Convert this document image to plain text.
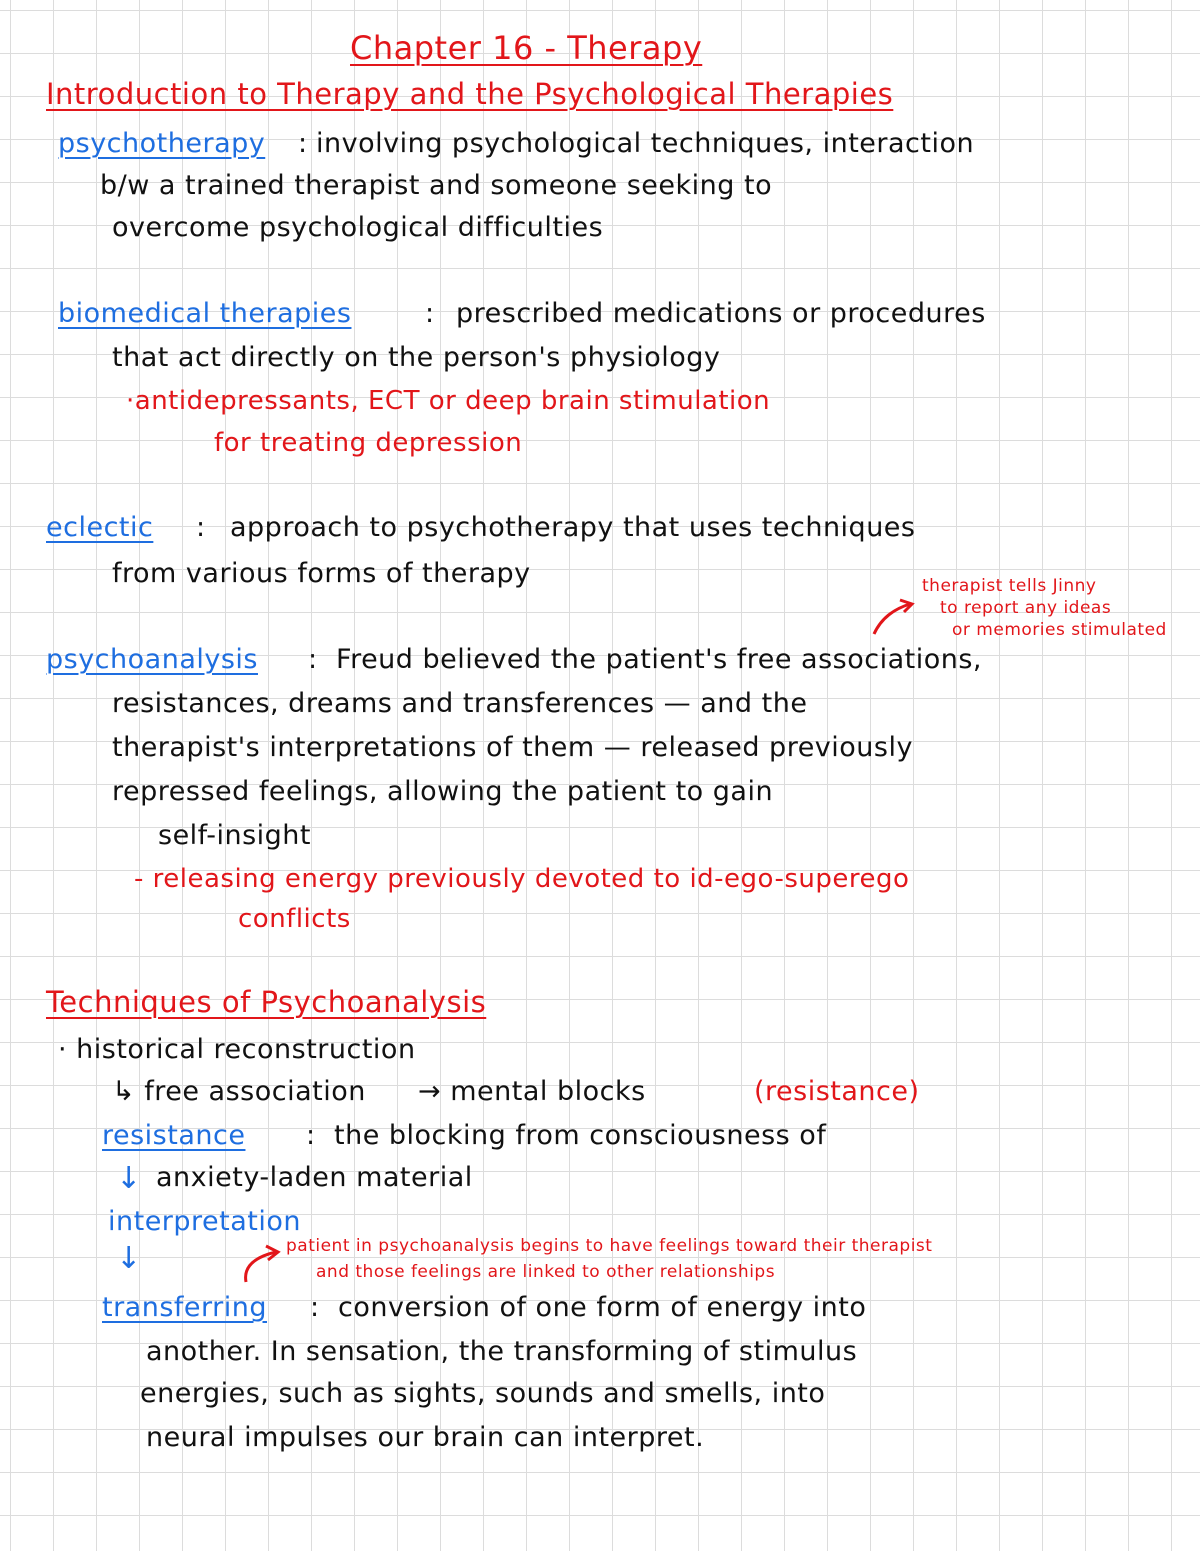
Chapter 16 - Therapy
Introduction to Therapy and the Psychological Therapies
psychotherapy : involving psychological techniques, interaction
b/w a trained therapist and someone seeking to
overcome psychological difficulties
biomedical therapies	: prescribed medications or procedures
that act directly on the person's physiology
·antidepressants, ECT or deep brain stimulation
for treating depression
eclectic : approach to psychotherapy that uses techniques
from various forms of therapy	therapist tells Jinny
to report any ideas
or memories stimulated
psychoanalysis : Freud believed the patient's free associations,
resistances, dreams and transferences — and the
therapist's interpretations of them — released previously
repressed feelings, allowing the patient to gain
self-insight
- releasing energy previously devoted to id-ego-superego
conflicts
Techniques of Psychoanalysis
· historical reconstruction
↳ free association → mental blocks	(resistance)
resistance : the blocking from consciousness of
↓ anxiety-laden material
interpretation
↓	patient in psychoanalysis begins to have feelings toward their therapist
and those feelings are linked to other relationships
transferring : conversion of one form of energy into
another. In sensation, the transforming of stimulus
energies, such as sights, sounds and smells, into
neural impulses our brain can interpret.
